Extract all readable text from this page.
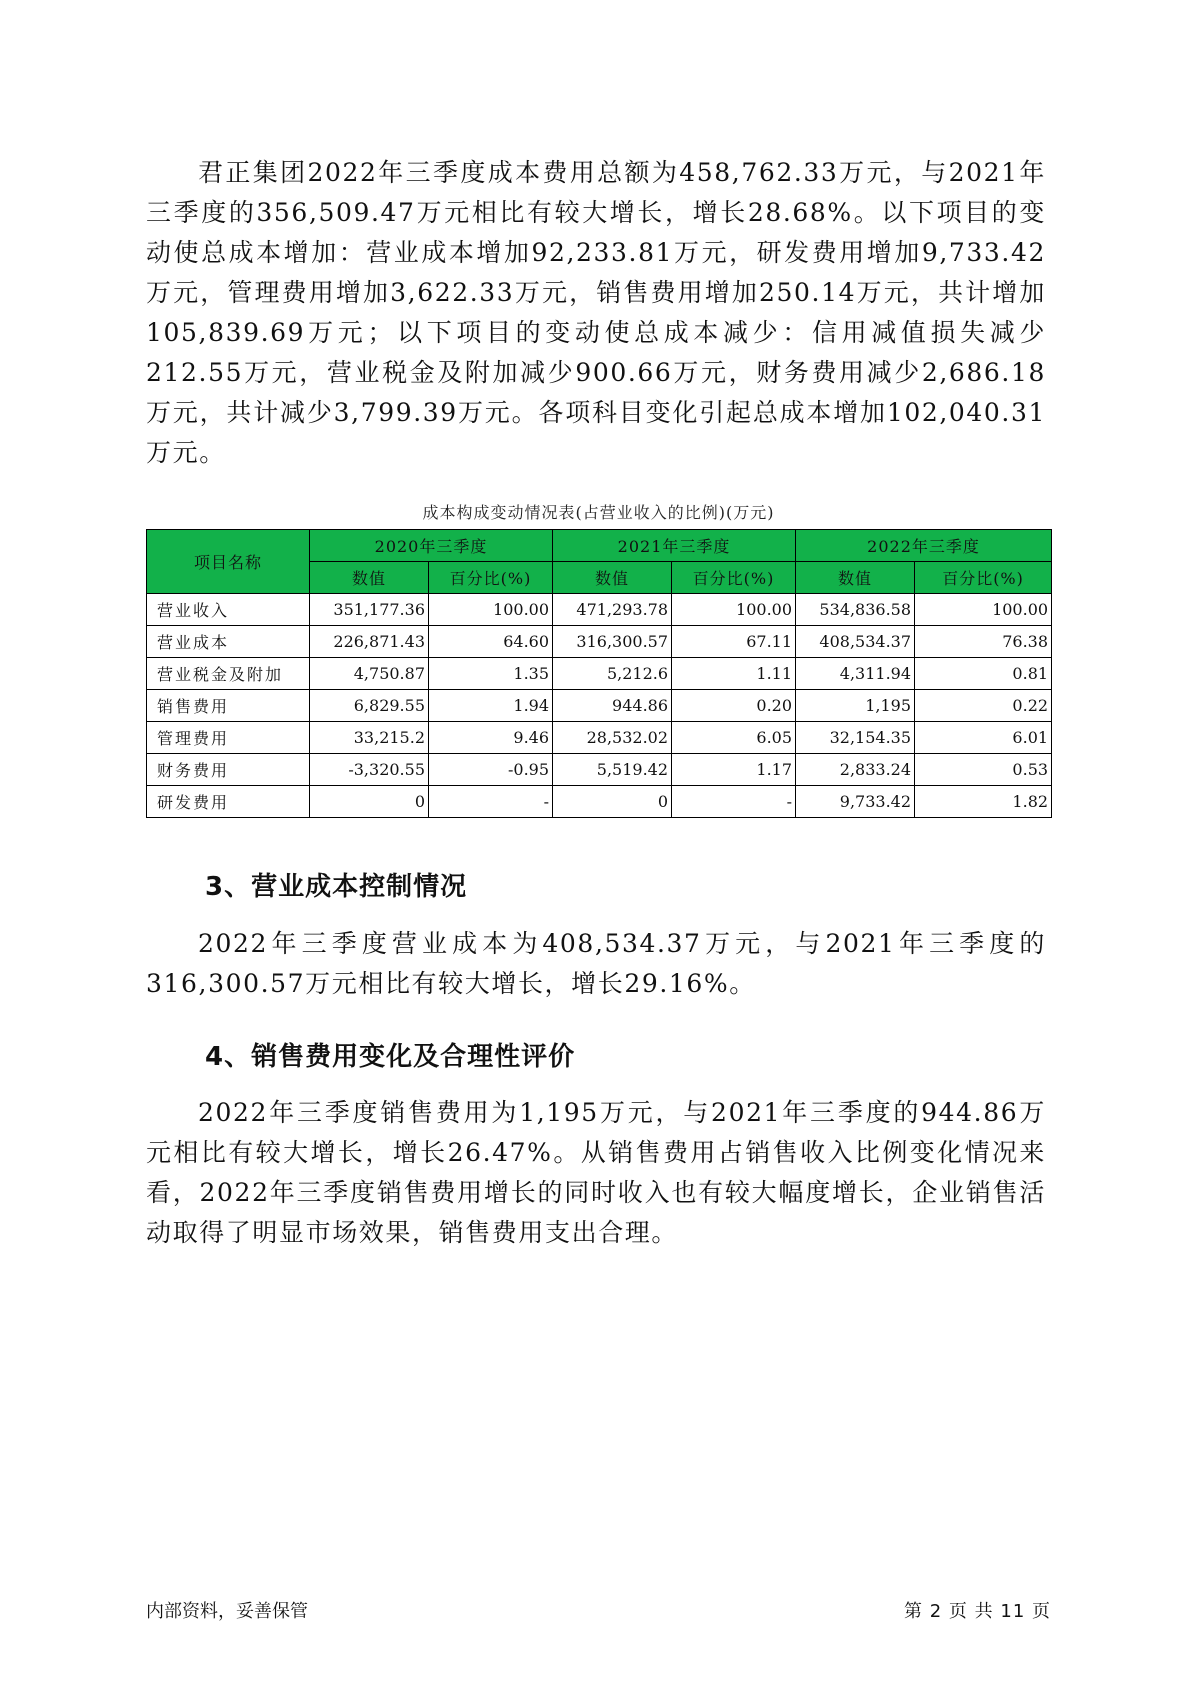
君正集团2022年三季度成本费用总额为458,762.33万元，与2021年三季度的356,509.47万元相比有较大增长，增长28.68%。以下项目的变动使总成本增加：营业成本增加92,233.81万元，研发费用增加9,733.42万元，管理费用增加3,622.33万元，销售费用增加250.14万元，共计增加105,839.69万元；以下项目的变动使总成本减少：信用减值损失减少212.55万元，营业税金及附加减少900.66万元，财务费用减少2,686.18万元，共计减少3,799.39万元。各项科目变化引起总成本增加102,040.31万元。

成本构成变动情况表(占营业收入的比例)(万元)
项目名称	2020年三季度		2021年三季度		2022年三季度	
	数值	百分比(%)	数值	百分比(%)	数值	百分比(%)
营业收入	351,177.36	100.00	471,293.78	100.00	534,836.58	100.00
营业成本	226,871.43	64.60	316,300.57	67.11	408,534.37	76.38
营业税金及附加	4,750.87	1.35	5,212.6	1.11	4,311.94	0.81
销售费用	6,829.55	1.94	944.86	0.20	1,195	0.22
管理费用	33,215.2	9.46	28,532.02	6.05	32,154.35	6.01
财务费用	-3,320.55	-0.95	5,519.42	1.17	2,833.24	0.53
研发费用	0	-	0	-	9,733.42	1.82
3、营业成本控制情况

2022年三季度营业成本为408,534.37万元，与2021年三季度的316,300.57万元相比有较大增长，增长29.16%。

4、销售费用变化及合理性评价

2022年三季度销售费用为1,195万元，与2021年三季度的944.86万元相比有较大增长，增长26.47%。从销售费用占销售收入比例变化情况来看，2022年三季度销售费用增长的同时收入也有较大幅度增长，企业销售活动取得了明显市场效果，销售费用支出合理。

内部资料，妥善保管	第 2 页 共 11 页
